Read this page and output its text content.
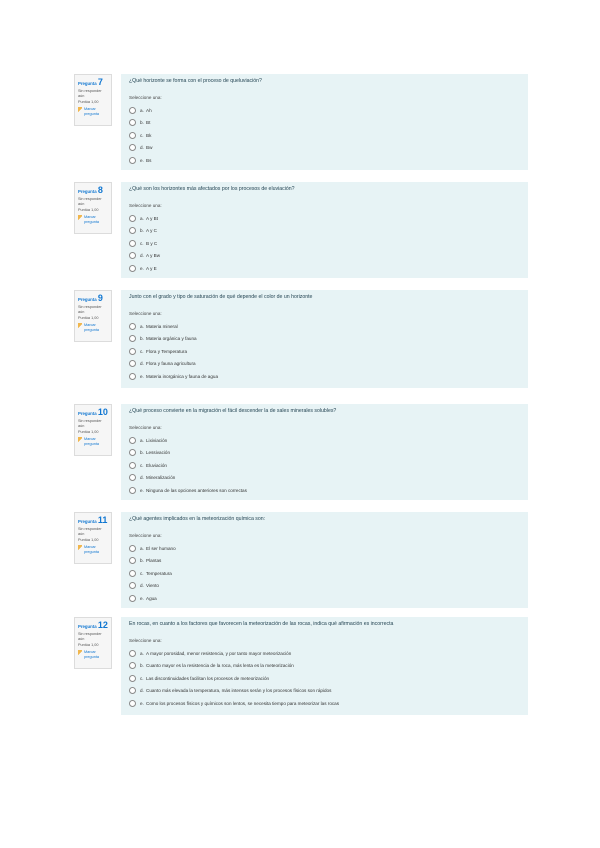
Pregunta 7
Sin responder aún
Puntúa 1,00
Marcar pregunta
¿Qué horizonte se forma con el proceso de queluviación?
Seleccione una:
a. Ah
b. Bt
c. Bk
d. Bw
e. Bs
Pregunta 8
Sin responder aún
Puntúa 1,00
Marcar pregunta
¿Qué son los horizontes más afectados por los procesos de eluviación?
Seleccione una:
a. A y Bt
b. A y C
c. B y C
d. A y Bw
e. A y E
Pregunta 9
Sin responder aún
Puntúa 1,00
Marcar pregunta
Junto con el grado y tipo de saturación de qué depende el color de un horizonte
Seleccione una:
a. Materia mineral
b. Materia orgánica y fauna
c. Flora y Temperatura
d. Flora y fauna agricultura
e. Materia inorgánica y fauna de agua
Pregunta 10
Sin responder aún
Puntúa 1,00
Marcar pregunta
¿Qué proceso convierte en la migración el fácil descender la de sales minerales solubles?
Seleccione una:
a. Lixiviación
b. Lessivación
c. Eluviación
d. Mineralización
e. Ninguna de las opciones anteriores son correctas
Pregunta 11
Sin responder aún
Puntúa 1,00
Marcar pregunta
¿Qué agentes implicados en la meteorización química son:
Seleccione una:
a. El ser humano
b. Plantas
c. Temperatura
d. Viento
e. Agua
Pregunta 12
Sin responder aún
Puntúa 1,00
Marcar pregunta
En rocas, en cuanto a los factores que favorecen la meteorización de las rocas, indica qué afirmación es incorrecta
Seleccione una:
a. A mayor porosidad, menor resistencia, y por tanto mayor meteorización
b. Cuanto mayor es la resistencia de la roca, más lenta es la meteorización
c. Las discontinuidades facilitan los procesos de meteorización
d. Cuanto más elevada la temperatura, más intensos serán y los procesos físicos son rápidos
e. Como los procesos físicos y químicos son lentos, se necesita tiempo para meteorizar las rocas
